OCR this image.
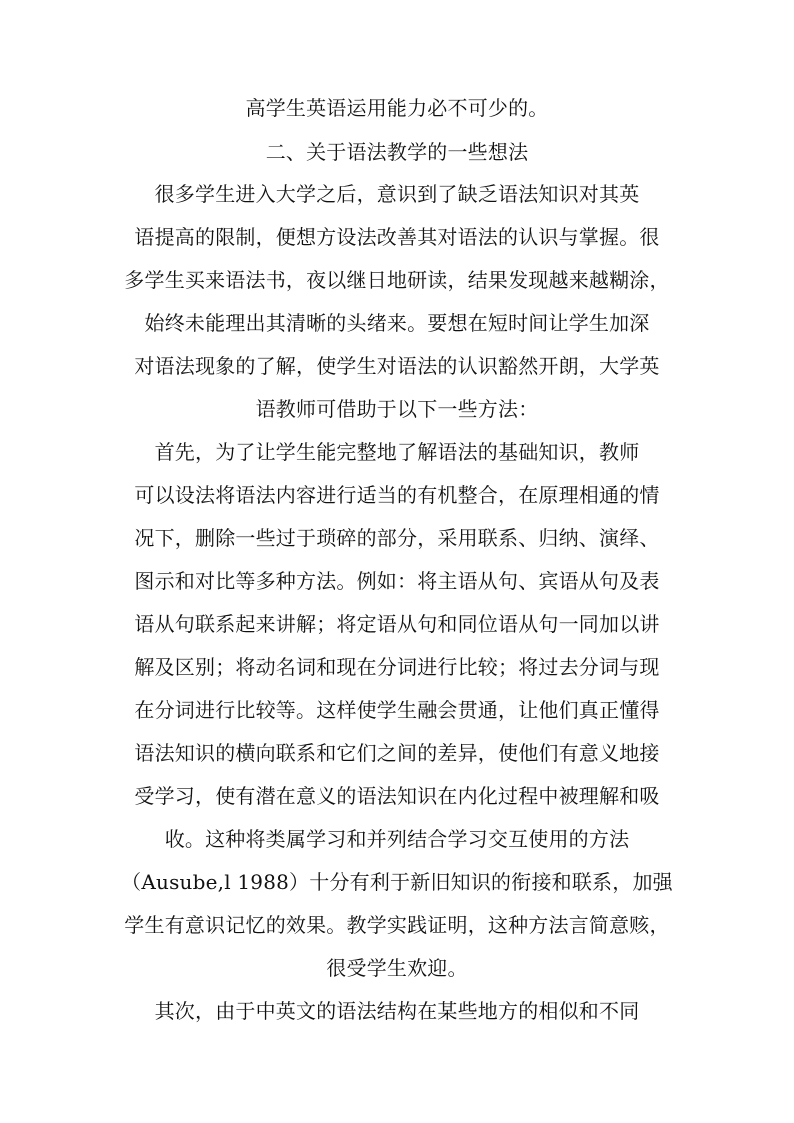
高学生英语运用能力必不可少的。
二、关于语法教学的一些想法
很多学生进入大学之后，意识到了缺乏语法知识对其英
语提高的限制，便想方设法改善其对语法的认识与掌握。很
多学生买来语法书，夜以继日地研读，结果发现越来越糊涂，
始终未能理出其清晰的头绪来。要想在短时间让学生加深
对语法现象的了解，使学生对语法的认识豁然开朗，大学英
语教师可借助于以下一些方法：
首先，为了让学生能完整地了解语法的基础知识，教师
可以设法将语法内容进行适当的有机整合，在原理相通的情
况下，删除一些过于琐碎的部分，采用联系、归纳、演绎、
图示和对比等多种方法。例如：将主语从句、宾语从句及表
语从句联系起来讲解；将定语从句和同位语从句一同加以讲
解及区别；将动名词和现在分词进行比较；将过去分词与现
在分词进行比较等。这样使学生融会贯通，让他们真正懂得
语法知识的横向联系和它们之间的差异，使他们有意义地接
受学习，使有潜在意义的语法知识在内化过程中被理解和吸
收。这种将类属学习和并列结合学习交互使用的方法
（Ausube,l 1988）十分有利于新旧知识的衔接和联系，加强
学生有意识记忆的效果。教学实践证明，这种方法言简意赅，
很受学生欢迎。
其次，由于中英文的语法结构在某些地方的相似和不同
